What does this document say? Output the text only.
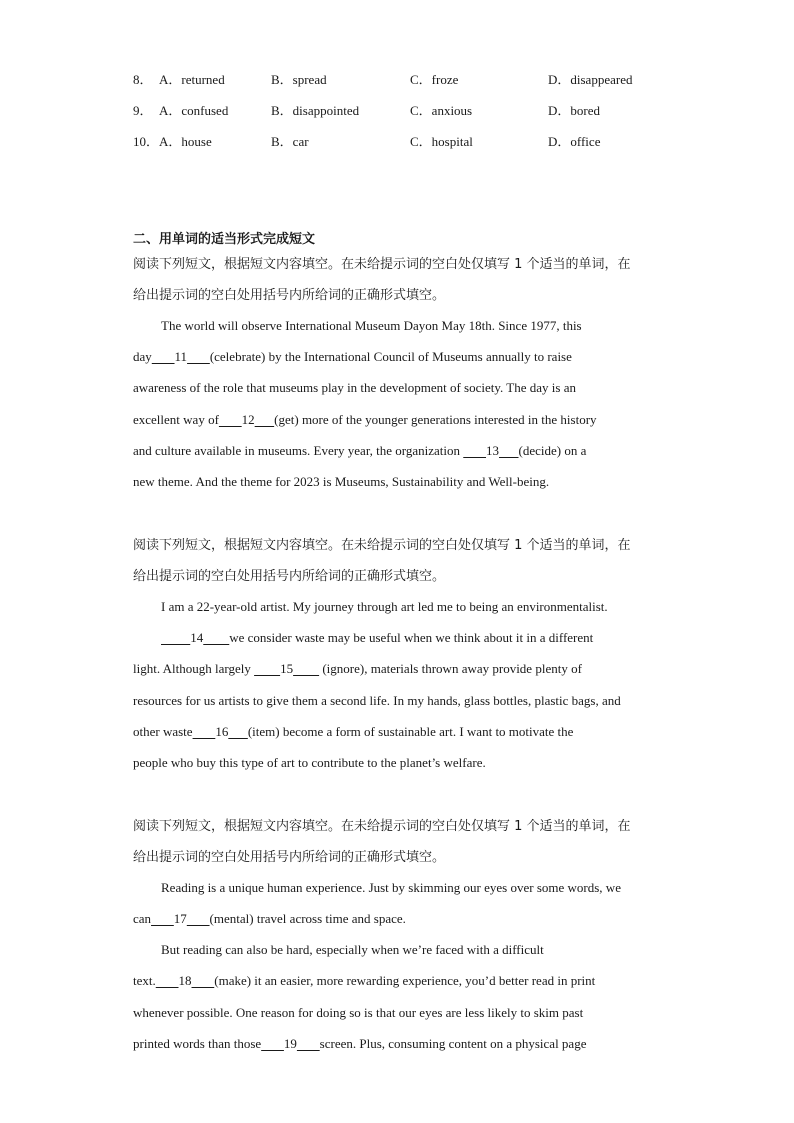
8． A．returned	B．spread	C．froze	D．disappeared
9． A．confused	B．disappointed	C．anxious	D．bored
10． A．house	B．car	C．hospital	D．office
二、用单词的适当形式完成短文
阅读下列短文，根据短文内容填空。在未给提示词的空白处仅填写 1 个适当的单词，在
给出提示词的空白处用括号内所给词的正确形式填空。
The world will observe International Museum Dayon May 18th. Since 1977, this
day 11 (celebrate) by the International Council of Museums annually to raise
awareness of the role that museums play in the development of society. The day is an
excellent way of 12 (get) more of the younger generations interested in the history
and culture available in museums. Every year, the organization        13 (decide) on a
new theme. And the theme for 2023 is Museums, Sustainability and Well-being.
阅读下列短文，根据短文内容填空。在未给提示词的空白处仅填写 1 个适当的单词，在
给出提示词的空白处用括号内所给词的正确形式填空。
I am a 22-year-old artist. My journey through art led me to being an environmentalist.
14 we consider waste may be useful when we think about it in a different
light. Although largely         15         (ignore), materials thrown away provide plenty of
resources for us artists to give them a second life. In my hands, glass bottles, plastic bags, and
other waste 16 (item) become a form of sustainable art. I want to motivate the
people who buy this type of art to contribute to the planet’s welfare.
阅读下列短文，根据短文内容填空。在未给提示词的空白处仅填写 1 个适当的单词，在
给出提示词的空白处用括号内所给词的正确形式填空。
Reading is a unique human experience. Just by skimming our eyes over some words, we
can 17 (mental) travel across time and space.
But reading can also be hard, especially when we’re faced with a difficult
text. 18 (make) it an easier, more rewarding experience, you’d better read in print
whenever possible. One reason for doing so is that our eyes are less likely to skim past
printed words than those 19 screen. Plus, consuming content on a physical page
